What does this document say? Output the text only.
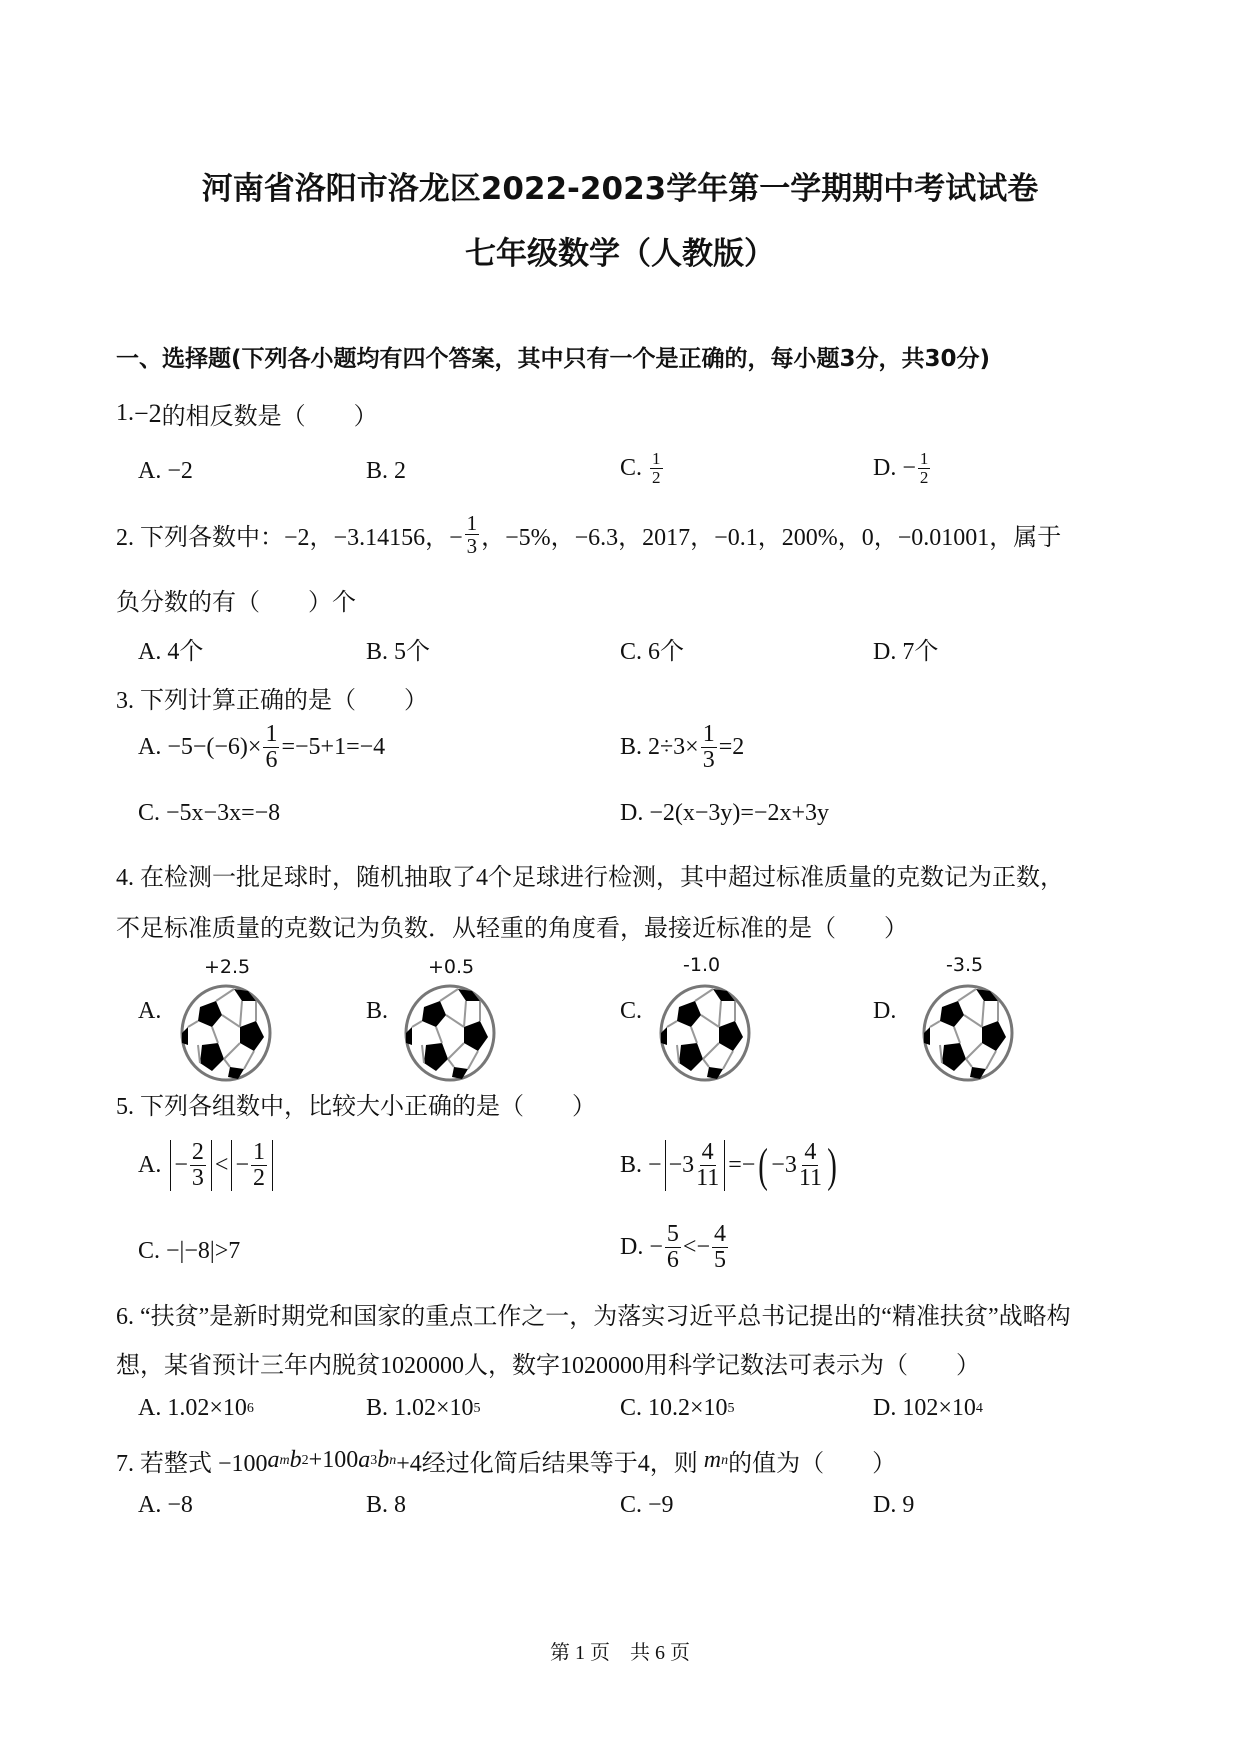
河南省洛阳市洛龙区2022-2023学年第一学期期中考试试卷
七年级数学（人教版）
一、选择题(下列各小题均有四个答案，其中只有一个是正确的，每小题3分，共30分)
1. −2 的相反数是（　　）
A. −2	B. 2	C.
$\frac{1}{2}$	D. − $\frac{1}{2}$
2. 下列各数中：−2，−3.14156，− $\frac{1}{3}$ ，−5%，−6.3，2017，−0.1，200%，0，−0.01001，属于
负分数的有（　　）个
A. 4个	B. 5个	C. 6个	D. 7个
3. 下列计算正确的是（　　）
A. $-5-(-6)\times \frac{1}{6} =-5+1=-4$	B. $2\div 3\times \frac{1}{3} =2$
C. −5x−3x=−8	D. −2(x−3y)=−2x+3y
4. 在检测一批足球时，随机抽取了4个足球进行检测，其中超过标准质量的克数记为正数，
不足标准质量的克数记为负数．从轻重的角度看，最接近标准的是（　　）
A.
+2.5
B.
+0.5
C.
-1.0
D.
-3.5
5. 下列各组数中，比较大小正确的是（　　）
A.
− $\frac{2}{3}$ < − $\frac{1}{2}$	B. − $-3 \frac{4}{11}$ =− ( $-3 \frac{4}{11}$ )
C. −|−8|>7	D. − $\frac{5}{6}$ < − $\frac{4}{5}$
6. “扶贫”是新时期党和国家的重点工作之一，为落实习近平总书记提出的“精准扶贫”战略构
想，某省预计三年内脱贫1020000人，数字1020000用科学记数法可表示为（　　）
A. 1.02×10 6	B. 1.02×10 5	C. 10.2×10 5	D. 102×10 4
7. 若整式 −100 a m b 2 +100 a 3 b n +4经过化简后结果等于4，则
m n 的值为（　　）
A. −8	B. 8	C. −9	D. 9
第 1 页　共 6 页
